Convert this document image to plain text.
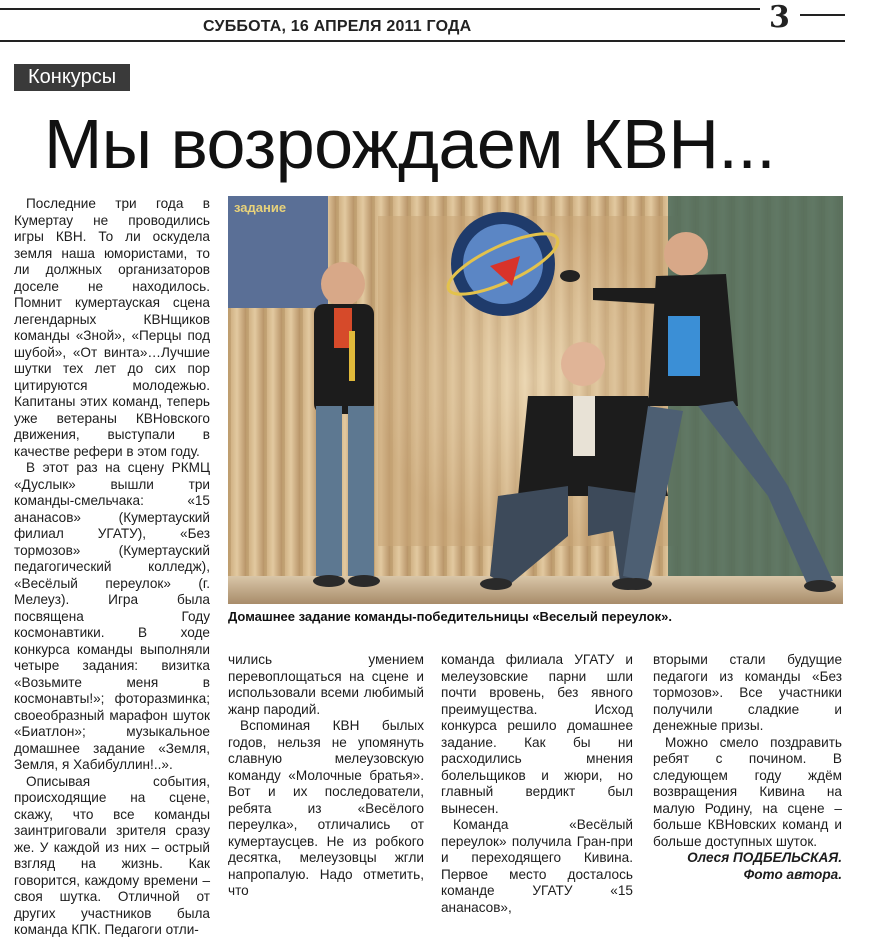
СУББОТА, 16 АПРЕЛЯ 2011 ГОДА	3
Конкурсы
Мы возрождаем КВН...

Последние три года в Кумертау не проводились игры КВН. То ли оскудела земля наша юмористами, то ли должных организаторов доселе не находилось. Помнит кумертауская сцена легендарных КВНщиков команды «Зной», «Перцы под шубой», «От винта»…Лучшие шутки тех лет до сих пор цитируются молодежью. Капитаны этих команд, теперь уже ветераны КВНовского движения, выступали в качестве рефери в этом году.

В этот раз на сцену РКМЦ «Дуслык» вышли три команды-смельчака: «15 ананасов» (Кумертауский филиал УГАТУ), «Без тормозов» (Кумертауский педагогический колледж), «Весёлый переулок» (г. Мелеуз). Игра была посвящена Году космонавтики. В ходе конкурса команды выполняли четыре задания: визитка «Возьмите меня в космонавты!»; фоторазминка; своеобразный марафон шуток «Биатлон»; музыкальное домашнее задание «Земля, Земля, я Хабибуллин!..».

Описывая события, происходящие на сцене, скажу, что все команды заинтриговали зрителя сразу же. У каждой из них – острый взгляд на жизнь. Как говорится, каждому времени – своя шутка. Отличной от других участников была команда КПК. Педагоги отли-

задание
Домашнее задание команды-победительницы «Веселый переулок».

чились умением перевоплощаться на сцене и использовали всеми любимый жанр пародий.

Вспоминая КВН былых годов, нельзя не упомянуть славную мелеузовскую команду «Молочные братья». Вот и их последователи, ребята из «Весёлого переулка», отличались от кумертаусцев. Не из робкого десятка, мелеузовцы жгли напропалую. Надо отметить, что

команда филиала УГАТУ и мелеузовские парни шли почти вровень, без явного преимущества. Исход конкурса решило домашнее задание. Как бы ни расходились мнения болельщиков и жюри, но главный вердикт был вынесен.

Команда «Весёлый переулок» получила Гран-при и переходящего Кивина. Первое место досталось команде УГАТУ «15 ананасов»,

вторыми стали будущие педагоги из команды «Без тормозов». Все участники получили сладкие и денежные призы.

Можно смело поздравить ребят с почином. В следующем году ждём возвращения Кивина на малую Родину, на сцене – больше КВНовских команд и больше доступных шуток.

Олеся ПОДБЕЛЬСКАЯ.

Фото автора.
